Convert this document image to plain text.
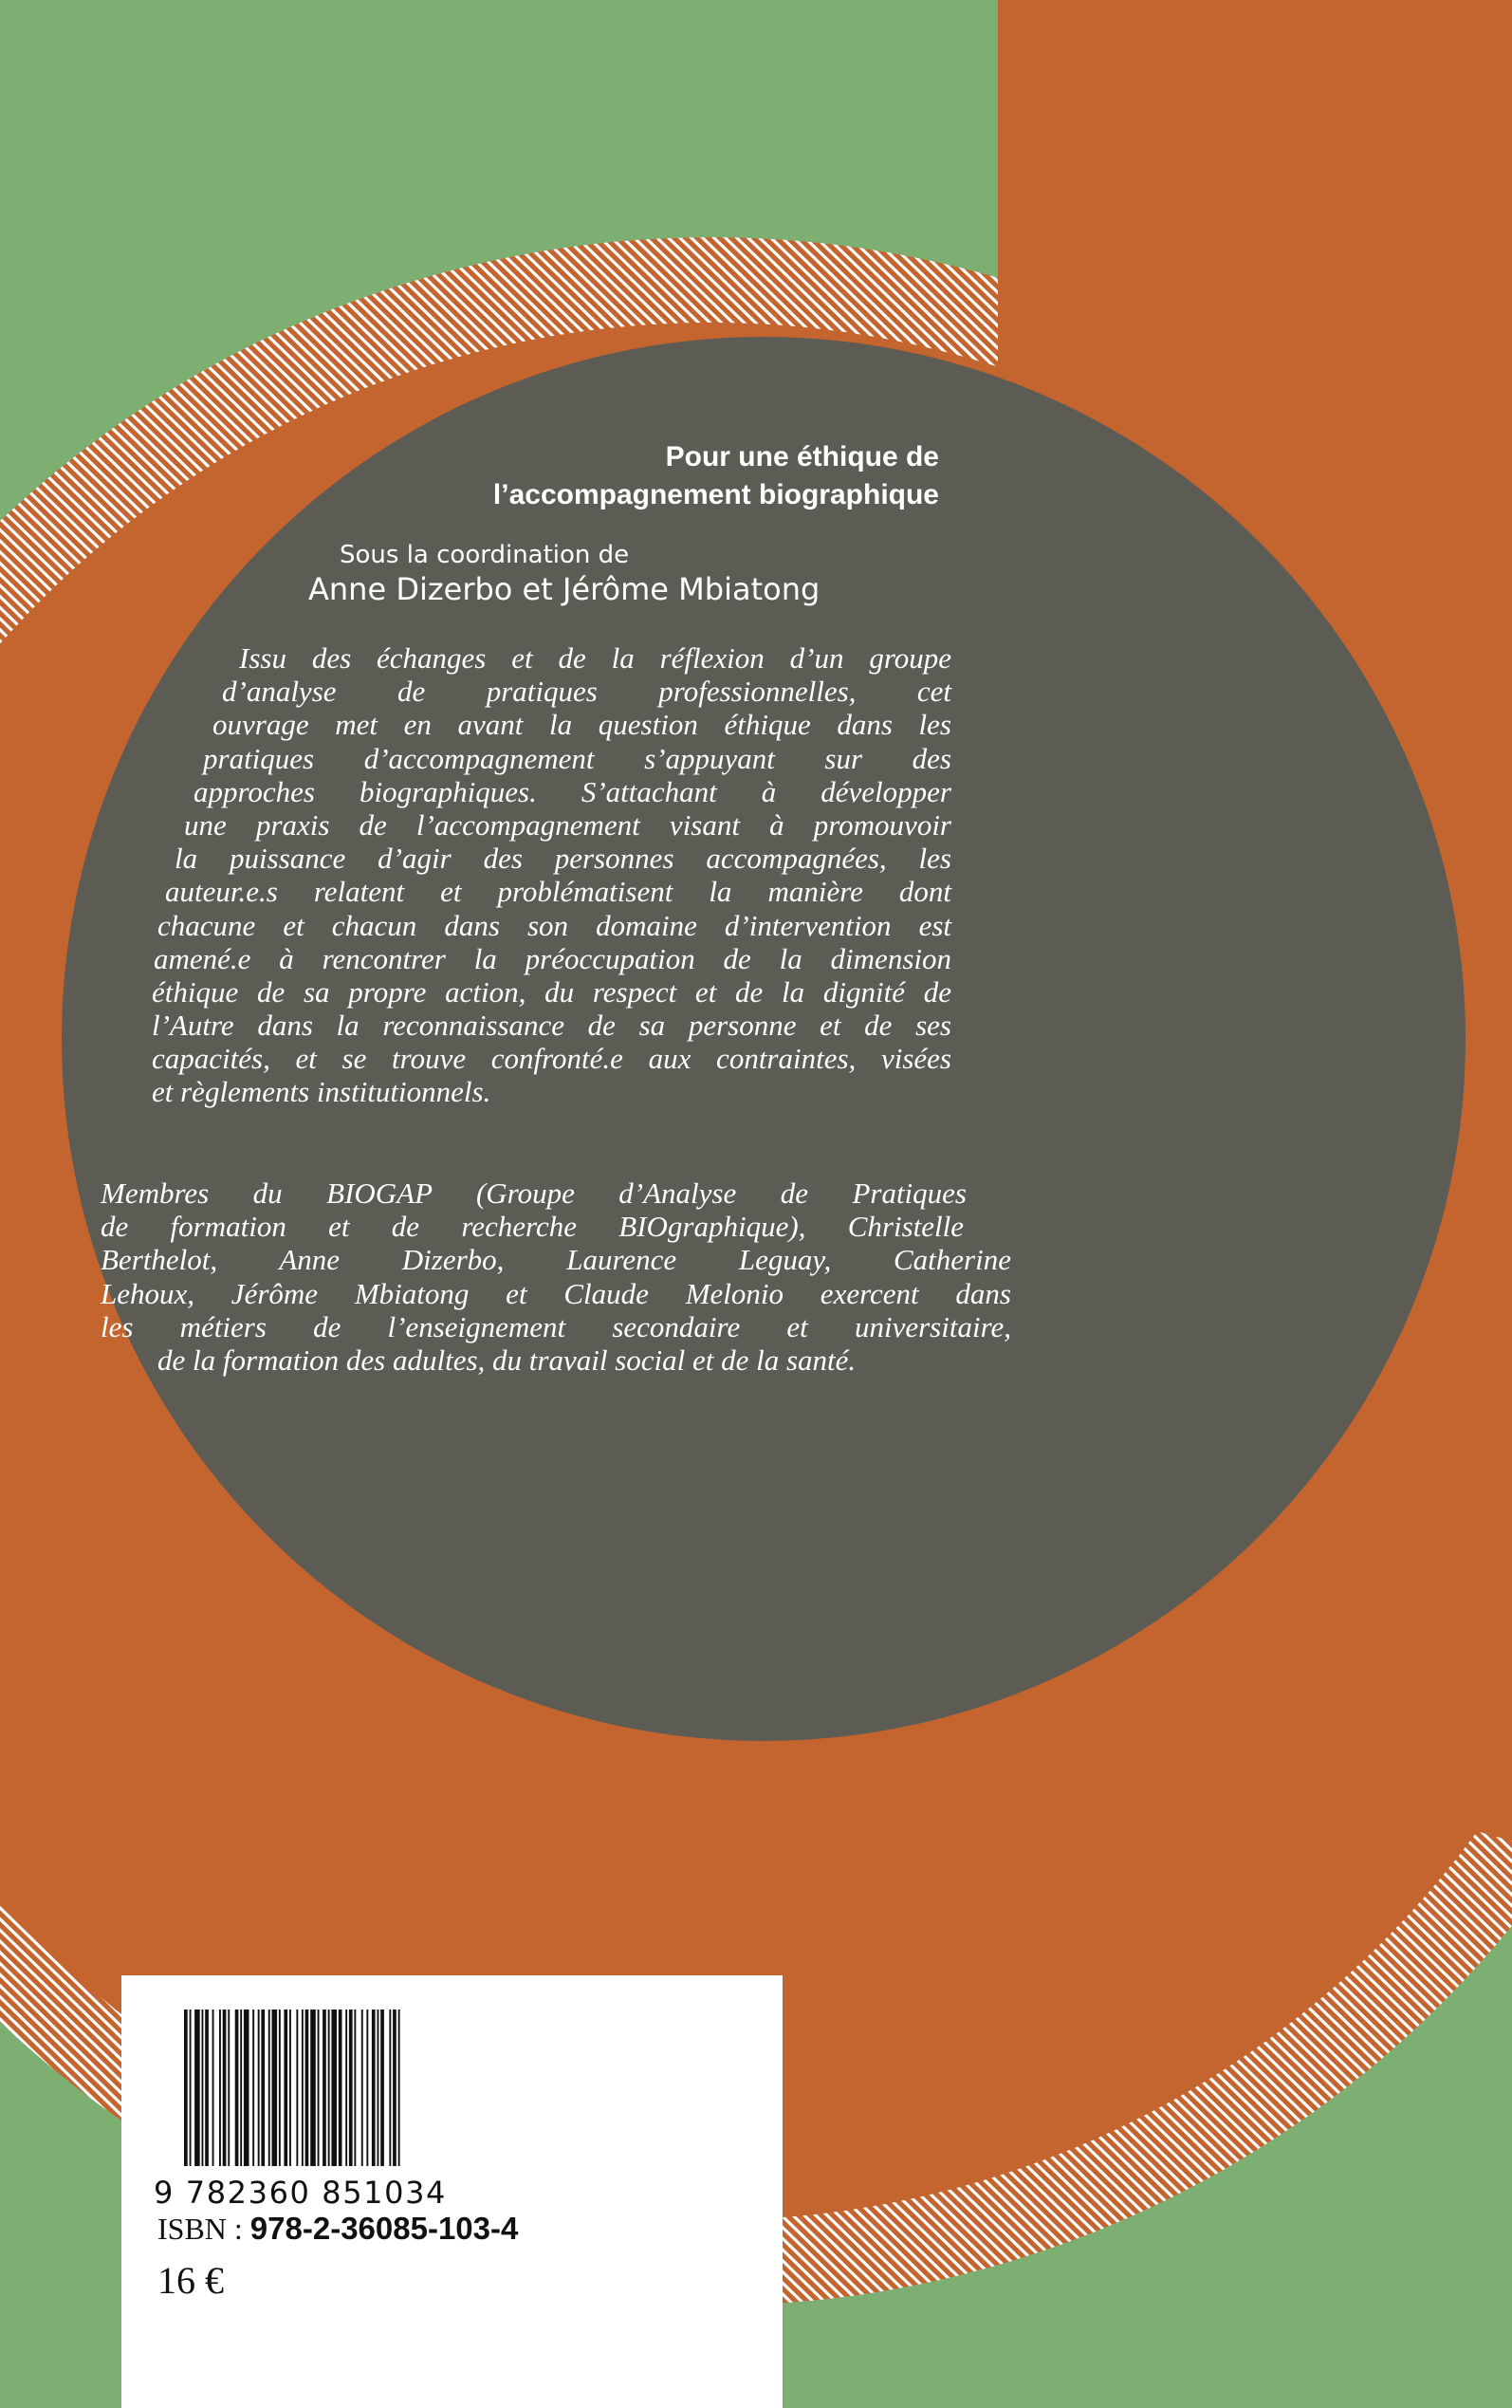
Pour une éthique de
l’accompagnement biographique
Sous la coordination de
Anne Dizerbo et Jérôme Mbiatong
Issu des échanges et de la réflexion d’un groupe
d’analyse de pratiques professionnelles, cet
ouvrage met en avant la question éthique dans les
pratiques d’accompagnement s’appuyant sur des
approches biographiques. S’attachant à développer
une praxis de l’accompagnement visant à promouvoir
la puissance d’agir des personnes accompagnées, les
auteur.e.s relatent et problématisent la manière dont
chacune et chacun dans son domaine d’intervention est
amené.e à rencontrer la préoccupation de la dimension
éthique de sa propre action, du respect et de la dignité de
l’Autre dans la reconnaissance de sa personne et de ses
capacités, et se trouve confronté.e aux contraintes, visées
et règlements institutionnels.
Membres du BIOGAP (Groupe d’Analyse de Pratiques
de formation et de recherche BIOgraphique), Christelle
Berthelot, Anne Dizerbo, Laurence Leguay, Catherine
Lehoux, Jérôme Mbiatong et Claude Melonio exercent dans
les métiers de l’enseignement secondaire et universitaire,
de la formation des adultes, du travail social et de la santé.
9 782360 851034
ISBN : 978-2-36085-103-4
16 €
